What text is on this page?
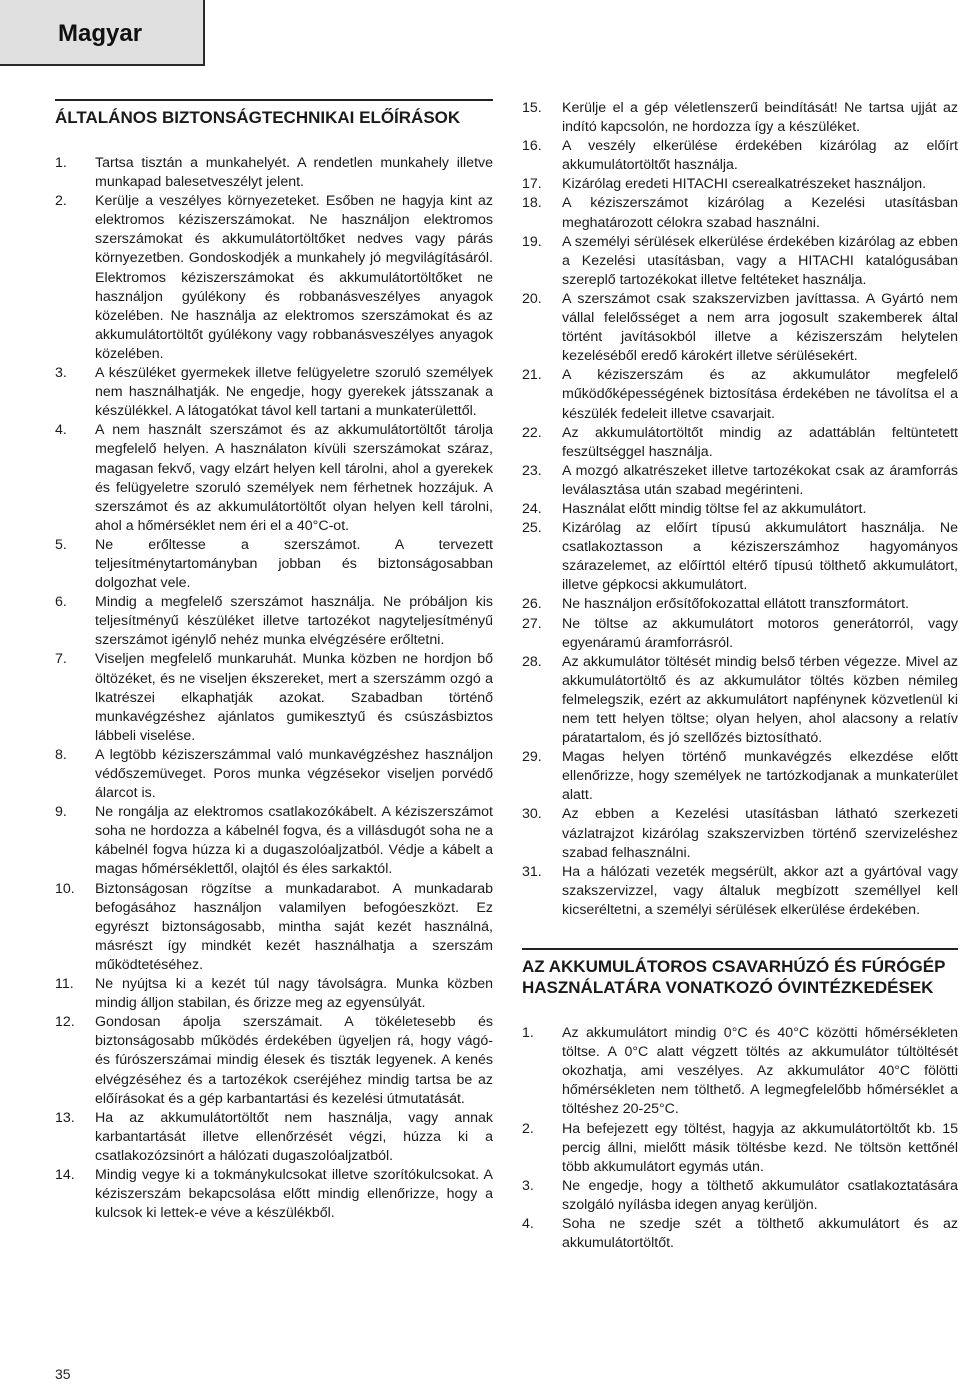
Magyar
ÁLTALÁNOS BIZTONSÁGTECHNIKAI ELŐÍRÁSOK
1. Tartsa tisztán a munkahelyét. A rendetlen munkahely illetve munkapad balesetveszélyt jelent.
2. Kerülje a veszélyes környezeteket. Esőben ne hagyja kint az elektromos kéziszerszámokat. Ne használjon elektromos szerszámokat és akkumulátortöltőket nedves vagy párás környezetben. Gondoskodjék a munkahely jó megvilágításáról. Elektromos kéziszerszámokat és akkumulátortöltőket ne használjon gyúlékony és robbanásveszélyes anyagok közelében. Ne használja az elektromos szerszámokat és az akkumulátortöltőt gyúlékony vagy robbanásveszélyes anyagok közelében.
3. A készüléket gyermekek illetve felügyeletre szoruló személyek nem használhatják. Ne engedje, hogy gyerekek játsszanak a készülékkel. A látogatókat távol kell tartani a munkaterülettől.
4. A nem használt szerszámot és az akkumulátortöltőt tárolja megfelelő helyen. A használaton kívüli szerszámokat száraz, magasan fekvő, vagy elzárt helyen kell tárolni, ahol a gyerekek és felügyeletre szoruló személyek nem férhetnek hozzájuk. A szerszámot és az akkumulátortöltőt olyan helyen kell tárolni, ahol a hőmérséklet nem éri el a 40°C-ot.
5. Ne erőltesse a szerszámot. A tervezett teljesítménytartományban jobban és biztonságosabban dolgozhat vele.
6. Mindig a megfelelő szerszámot használja. Ne próbáljon kis teljesítményű készüléket illetve tartozékot nagyteljesítményű szerszámot igénylő nehéz munka elvégzésére erőltetni.
7. Viseljen megfelelő munkaruhát. Munka közben ne hordjon bő öltözéket, és ne viseljen ékszereket, mert a szerszámm ozgó a lkatrészei elkaphatják azokat. Szabadban történő munkavégzéshez ajánlatos gumikesztyű és csúszásbiztos lábbeli viselése.
8. A legtöbb kéziszerszámmal való munkavégzéshez használjon védőszemüveget. Poros munka végzésekor viseljen porvédő álarcot is.
9. Ne rongálja az elektromos csatlakozókábelt. A kéziszerszámot soha ne hordozza a kábelnél fogva, és a villásdugót soha ne a kábelnél fogva húzza ki a dugaszolóaljzatból. Védje a kábelt a magas hőmérséklettől, olajtól és éles sarkaktól.
10. Biztonságosan rögzítse a munkadarabot. A munkadarab befogásához használjon valamilyen befogóeszközt. Ez egyrészt biztonságosabb, mintha saját kezét használná, másrészt így mindkét kezét használhatja a szerszám működtetéséhez.
11. Ne nyújtsa ki a kezét túl nagy távolságra. Munka közben mindig álljon stabilan, és őrizze meg az egyensúlyát.
12. Gondosan ápolja szerszámait. A tökéletesebb és biztonságosabb működés érdekében ügyeljen rá, hogy vágó- és fúrószerszámai mindig élesek és tiszták legyenek. A kenés elvégzéséhez és a tartozékok cseréjéhez mindig tartsa be az előírásokat és a gép karbantartási és kezelési útmutatását.
13. Ha az akkumulátortöltőt nem használja, vagy annak karbantartását illetve ellenőrzését végzi, húzza ki a csatlakozózsinórt a hálózati dugaszolóaljzatból.
14. Mindig vegye ki a tokmánykulcsokat illetve szorítókulcsokat. A kéziszerszám bekapcsolása előtt mindig ellenőrizze, hogy a kulcsok ki lettek-e véve a készülékből.
15. Kerülje el a gép véletlenszerű beindítását! Ne tartsa ujját az indító kapcsolón, ne hordozza így a készüléket.
16. A veszély elkerülése érdekében kizárólag az előírt akkumulátortöltőt használja.
17. Kizárólag eredeti HITACHI cserealkatrészeket használjon.
18. A kéziszerszámot kizárólag a Kezelési utasításban meghatározott célokra szabad használni.
19. A személyi sérülések elkerülése érdekében kizárólag az ebben a Kezelési utasításban, vagy a HITACHI katalógusában szereplő tartozékokat illetve feltéteket használja.
20. A szerszámot csak szakszervizben javíttassa. A Gyártó nem vállal felelősséget a nem arra jogosult szakemberek által történt javításokból illetve a kéziszerszám helytelen kezeléséből eredő károkért illetve sérülésekért.
21. A kéziszerszám és az akkumulátor megfelelő működőképességének biztosítása érdekében ne távolítsa el a készülék fedeleit illetve csavarjait.
22. Az akkumulátortöltőt mindig az adattáblán feltüntetett feszültséggel használja.
23. A mozgó alkatrészeket illetve tartozékokat csak az áramforrás leválasztása után szabad megérinteni.
24. Használat előtt mindig töltse fel az akkumulátort.
25. Kizárólag az előírt típusú akkumulátort használja. Ne csatlakoztasson a kéziszerszámhoz hagyományos szárazelemet, az előírttól eltérő típusú tölthető akkumulátort, illetve gépkocsi akkumulátort.
26. Ne használjon erősítőfokozattal ellátott transzformátort.
27. Ne töltse az akkumulátort motoros generátorról, vagy egyenáramú áramforrásról.
28. Az akkumulátor töltését mindig belső térben végezze. Mivel az akkumulátortöltő és az akkumulátor töltés közben némileg felmelegszik, ezért az akkumulátort napfénynek közvetlenül ki nem tett helyen töltse; olyan helyen, ahol alacsony a relatív páratartalom, és jó szellőzés biztosítható.
29. Magas helyen történő munkavégzés elkezdése előtt ellenőrizze, hogy személyek ne tartózkodjanak a munkaterület alatt.
30. Az ebben a Kezelési utasításban látható szerkezeti vázlatrajzot kizárólag szakszervizben történő szervizeléshez szabad felhasználni.
31. Ha a hálózati vezeték megsérült, akkor azt a gyártóval vagy szakszervizzel, vagy általuk megbízott személlyel kell kicseréltetni, a személyi sérülések elkerülése érdekében.
AZ AKKUMULÁTOROS CSAVARHÚZÓ ÉS FÚRÓGÉP HASZNÁLATÁRA VONATKOZÓ ÓVINTÉZKEDÉSEK
1. Az akkumulátort mindig 0°C és 40°C közötti hőmérsékleten töltse. A 0°C alatt végzett töltés az akkumulátor túltöltését okozhatja, ami veszélyes. Az akkumulátor 40°C fölötti hőmérsékleten nem tölthető. A legmegfelelőbb hőmérséklet a töltéshez 20-25°C.
2. Ha befejezett egy töltést, hagyja az akkumulátortöltőt kb. 15 percig állni, mielőtt másik töltésbe kezd. Ne töltsön kettőnél több akkumulátort egymás után.
3. Ne engedje, hogy a tölthető akkumulátor csatlakoztatására szolgáló nyílásba idegen anyag kerüljön.
4. Soha ne szedje szét a tölthető akkumulátort és az akkumulátortöltőt.
35
